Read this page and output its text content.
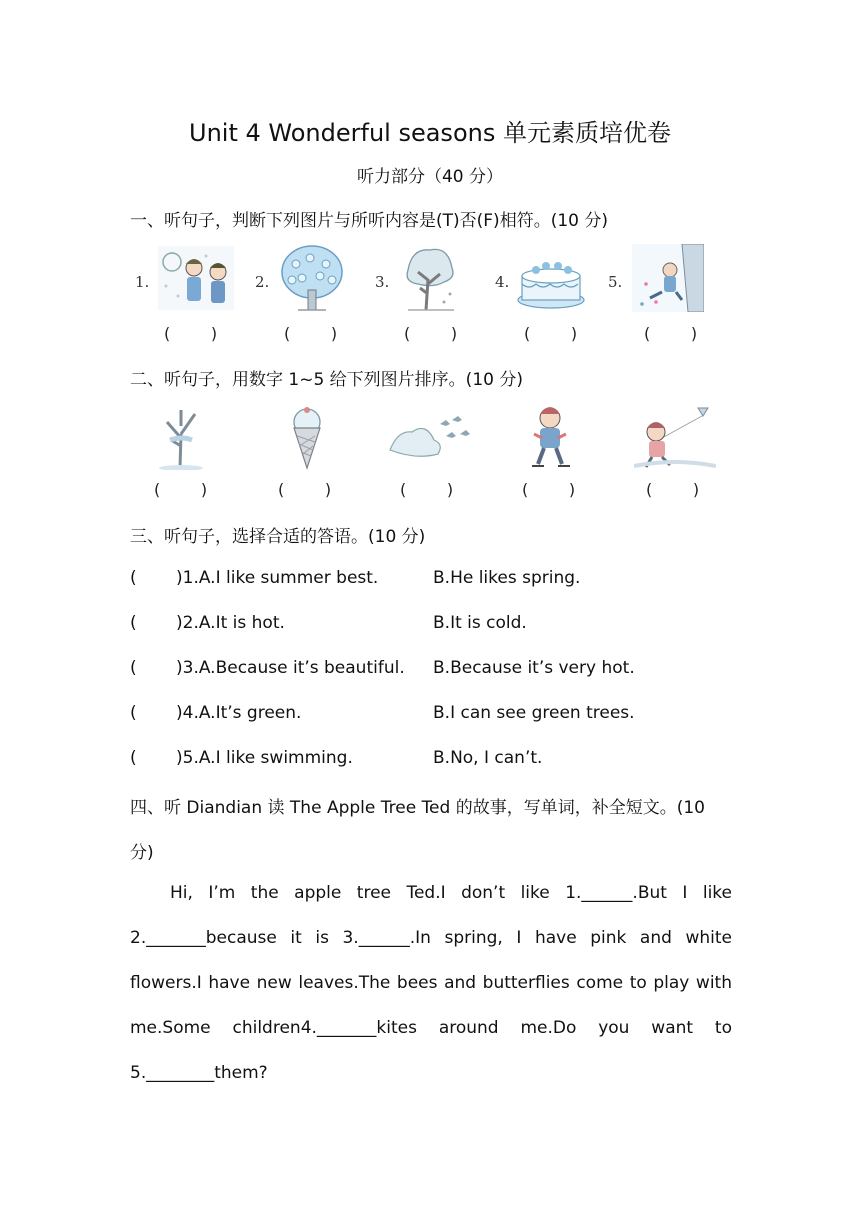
Unit 4 Wonderful seasons 单元素质培优卷
听力部分（40 分）
一、听句子，判断下列图片与所听内容是(T)否(F)相符。(10 分)
1.
(        )
2.
(        )
3.
(        )
4.
(        )
5.
(        )
二、听句子，用数字 1~5 给下列图片排序。(10 分)
(        )	(        )	(        )	(        )	(        )
三、听句子，选择合适的答语。(10 分)
( )1.A.I like summer best.	B.He likes spring.
( )2.A.It is hot.	B.It is cold.
( )3.A.Because it’s beautiful. B.Because it’s very hot.
( )4.A.It’s green.	B.I can see green trees.
( )5.A.I like swimming.	B.No, I can’t.
四、听 Diandian 读 The Apple Tree Ted 的故事，写单词，补全短文。(10
分)
Hi, I’m the apple tree Ted.I don’t like 1.______.But I like
2._______because it is 3.______.In spring, I have pink and white
flowers.I have new leaves.The bees and butterflies come to play with
me.Some children4._______kites around me.Do you want to
5.________them?
